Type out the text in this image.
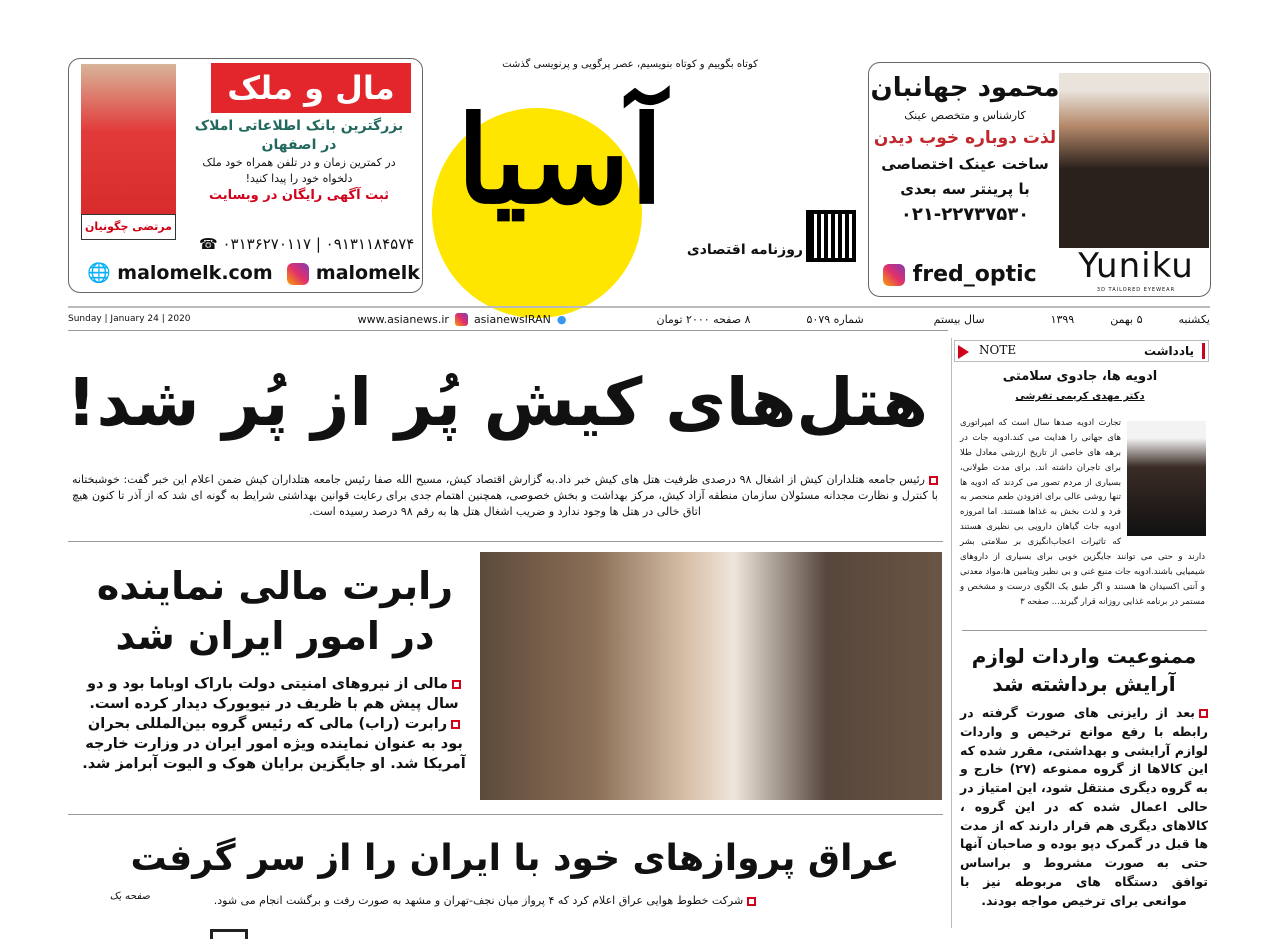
مرتضی چگونیان
مال و ملک
بزرگترین بانک اطلاعاتی املاک
در اصفهان
در کمترین زمان و در تلفن همراه خود ملک
دلخواه خود را پیدا کنید!
ثبت آگهی رایگان در وبسایت
☎ ۰۳۱۳۶۲۷۰۱۱۷ | ۰۹۱۳۱۱۸۴۵۷۴
🌐 malomelk.com malomelk
کوتاه بگوییم و کوتاه بنویسیم، عصر پرگویی و پرنویسی گذشت
آسیا
روزنامه اقتصادی
محمود جهانبان
کارشناس و متخصص عینک
لذت دوباره خوب دیدن
ساخت عینک اختصاصی
با پرینتر سه بعدی
۰۲۱-۲۲۷۳۷۵۳۰
fred_optic	Yuniku
3D TAILORED EYEWEAR
یکشنبه
۵ بهمن
۱۳۹۹
سال بیستم
شماره ۵۰۷۹
۸ صفحه ۲۰۰۰ تومان
www.asianews.ir asianewsIRAN ●
Sunday | January 24 | 2020
هتل‌های کیش پُر از پُر شد!

رئیس جامعه هتلداران کیش از اشغال ۹۸ درصدی ظرفیت هتل های کیش خبر داد.به گزارش اقتصاد کیش، مسیح الله صفا رئیس جامعه هتلداران کیش ضمن اعلام این خبر گفت: خوشبختانه با کنترل و نظارت مجدانه مسئولان سازمان منطقه آزاد کیش، مرکز بهداشت و بخش خصوصی، همچنین اهتمام جدی برای رعایت قوانین بهداشتی شرایط به گونه ای شد که از آذر تا کنون هیچ اتاق خالی در هتل ها وجود ندارد و ضریب اشغال هتل ها به رقم ۹۸ درصد رسیده است.

رابرت مالی نماینده
در امور ایران شد

مالی از نیروهای امنیتی دولت باراک اوباما بود و دو سال پیش هم با ظریف در نیویورک دیدار کرده است.

رابرت (راب) مالی که رئیس گروه بین‌المللی بحران بود به عنوان نماینده ویژه امور ایران در وزارت خارجه آمریکا شد. او جایگزین برایان هوک و الیوت آبرامز شد.

عراق پروازهای خود با ایران را از سر گرفت

شرکت خطوط هوایی عراق اعلام کرد که ۴ پرواز میان نجف-تهران و مشهد به صورت رفت و برگشت انجام می شود.

صفحه یک
NOTE	یادداشت
ادویه ها، جادوی سلامتی
دکتر مهدی کریمی تفرشی

تجارت ادویه صدها سال است که امپراتوری های جهانی را هدایت می کند.ادویه جات در برهه های خاصی از تاریخ ارزشی معادل طلا برای تاجران داشته اند. برای مدت طولانی، بسیاری از مردم تصور می کردند که ادویه ها تنها روشی عالی برای افزودن طعم منحصر به فرد و لذت بخش به غذاها هستند. اما امروزه ادویه جات گیاهان دارویی بی نظیری هستند که تاثیرات اعجاب‌انگیزی بر سلامتی بشر دارند و حتی می توانند جایگزین خوبی برای بسیاری از داروهای شیمیایی باشند.ادویه جات منبع غنی و بی نظیر ویتامین ها،مواد معدنی و آنتی اکسیدان ها هستند و اگر طبق یک الگوی درست و مشخص و مستمر در برنامه غذایی روزانه قرار گیرند... صفحه ۳

ممنوعیت واردات لوازم آرایش برداشته شد

بعد از رایزنی های صورت گرفته در رابطه با رفع موانع ترخیص و واردات لوازم آرایشی و بهداشتی، مقرر شده که این کالاها از گروه ممنوعه (۲۷) خارج و به گروه دیگری منتقل شود، این امتیاز در حالی اعمال شده که در این گروه ، کالاهای دیگری هم قرار دارند که از مدت ها قبل در گمرک دپو بوده و صاحبان آنها حتی به صورت مشروط و براساس توافق دستگاه های مربوطه نیز با موانعی برای ترخیص مواجه بودند.
